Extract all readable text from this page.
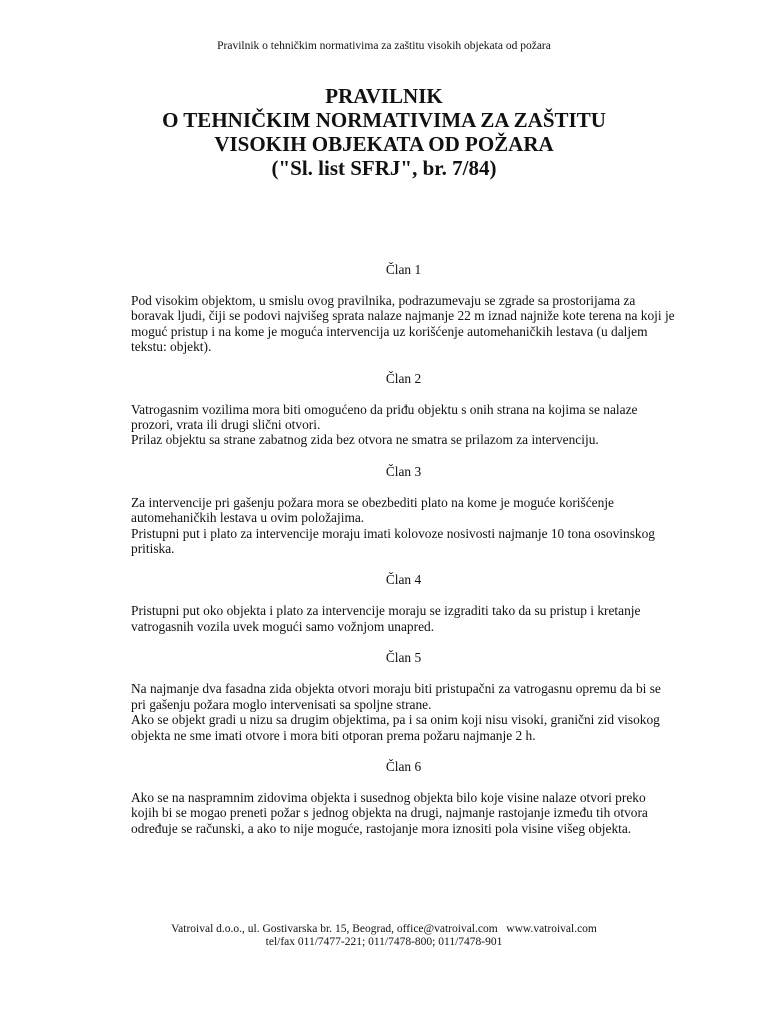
Pravilnik o tehničkim normativima za zaštitu visokih objekata od požara
PRAVILNIK
O TEHNIČKIM NORMATIVIMA ZA ZAŠTITU
VISOKIH OBJEKATA OD POŽARA
("Sl. list SFRJ", br. 7/84)
Član 1

Pod visokim objektom, u smislu ovog pravilnika, podrazumevaju se zgrade sa prostorijama za boravak ljudi, čiji se podovi najvišeg sprata nalaze najmanje 22 m iznad najniže kote terena na koji je moguć pristup i na kome je moguća intervencija uz korišćenje automehaničkih lestava (u daljem tekstu: objekt).

Član 2

Vatrogasnim vozilima mora biti omogućeno da priđu objektu s onih strana na kojima se nalaze prozori, vrata ili drugi slični otvori.

Prilaz objektu sa strane zabatnog zida bez otvora ne smatra se prilazom za intervenciju.

Član 3

Za intervencije pri gašenju požara mora se obezbediti plato na kome je moguće korišćenje automehaničkih lestava u ovim položajima.

Pristupni put i plato za intervencije moraju imati kolovoze nosivosti najmanje 10 tona osovinskog pritiska.

Član 4

Pristupni put oko objekta i plato za intervencije moraju se izgraditi tako da su pristup i kretanje vatrogasnih vozila uvek mogući samo vožnjom unapred.

Član 5

Na najmanje dva fasadna zida objekta otvori moraju biti pristupačni za vatrogasnu opremu da bi se pri gašenju požara moglo intervenisati sa spoljne strane.

Ako se objekt gradi u nizu sa drugim objektima, pa i sa onim koji nisu visoki, granični zid visokog objekta ne sme imati otvore i mora biti otporan prema požaru najmanje 2 h.

Član 6

Ako se na naspramnim zidovima objekta i susednog objekta bilo koje visine nalaze otvori preko kojih bi se mogao preneti požar s jednog objekta na drugi, najmanje rastojanje između tih otvora određuje se računski, a ako to nije moguće, rastojanje mora iznositi pola visine višeg objekta.

Vatroival d.o.o., ul. Gostivarska br. 15, Beograd, office@vatroival.com   www.vatroival.com
tel/fax 011/7477-221; 011/7478-800; 011/7478-901
